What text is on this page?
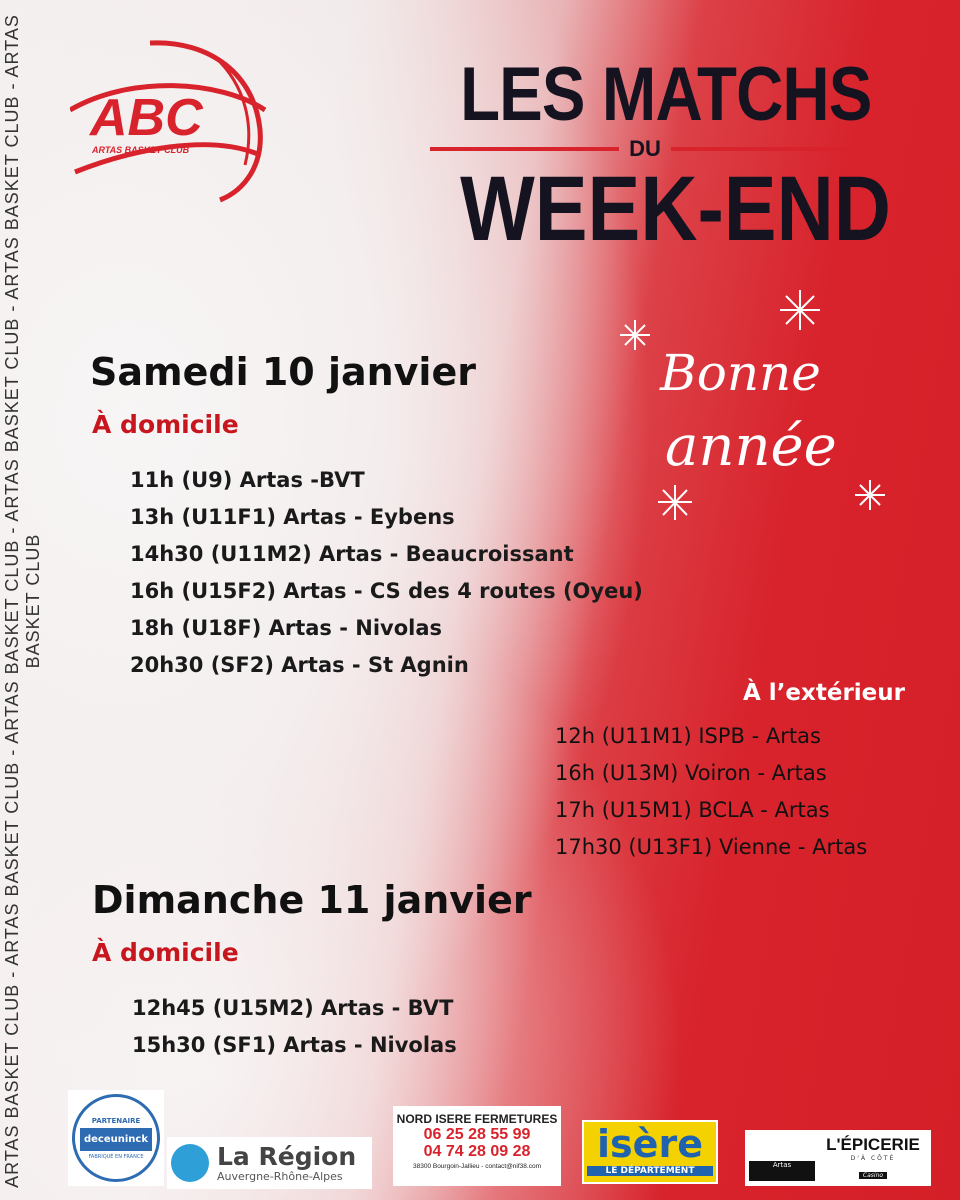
ARTAS BASKET CLUB - ARTAS BASKET CLUB - ARTAS BASKET CLUB - ARTAS BASKET CLUB - ARTAS BASKET CLUB - ARTAS BASKET CLUB
ABC
ARTAS BASKET CLUB
LES MATCHS
DU
WEEK-END
Bonne
année
Samedi 10 janvier
À domicile
11h (U9) Artas -BVT
13h (U11F1) Artas - Eybens
14h30 (U11M2) Artas - Beaucroissant
16h (U15F2) Artas - CS des 4 routes (Oyeu)
18h (U18F) Artas - Nivolas
20h30 (SF2) Artas - St Agnin
À l’extérieur
12h (U11M1) ISPB - Artas
16h (U13M) Voiron - Artas
17h (U15M1) BCLA - Artas
17h30 (U13F1) Vienne - Artas
Dimanche 11 janvier
À domicile
12h45 (U15M2) Artas - BVT
15h30 (SF1) Artas - Nivolas
PARTENAIRE
deceuninck
FABRIQUÉ EN FRANCE	La Région
Auvergne-Rhône-Alpes
NORD ISERE FERMETURES
06 25 28 55 99
04 74 28 09 28
38300 Bourgoin-Jallieu - contact@nif38.com
isère
LE DÉPARTEMENT
Artas
L'ÉPICERIE
D'À CÔTÉ
Casino
